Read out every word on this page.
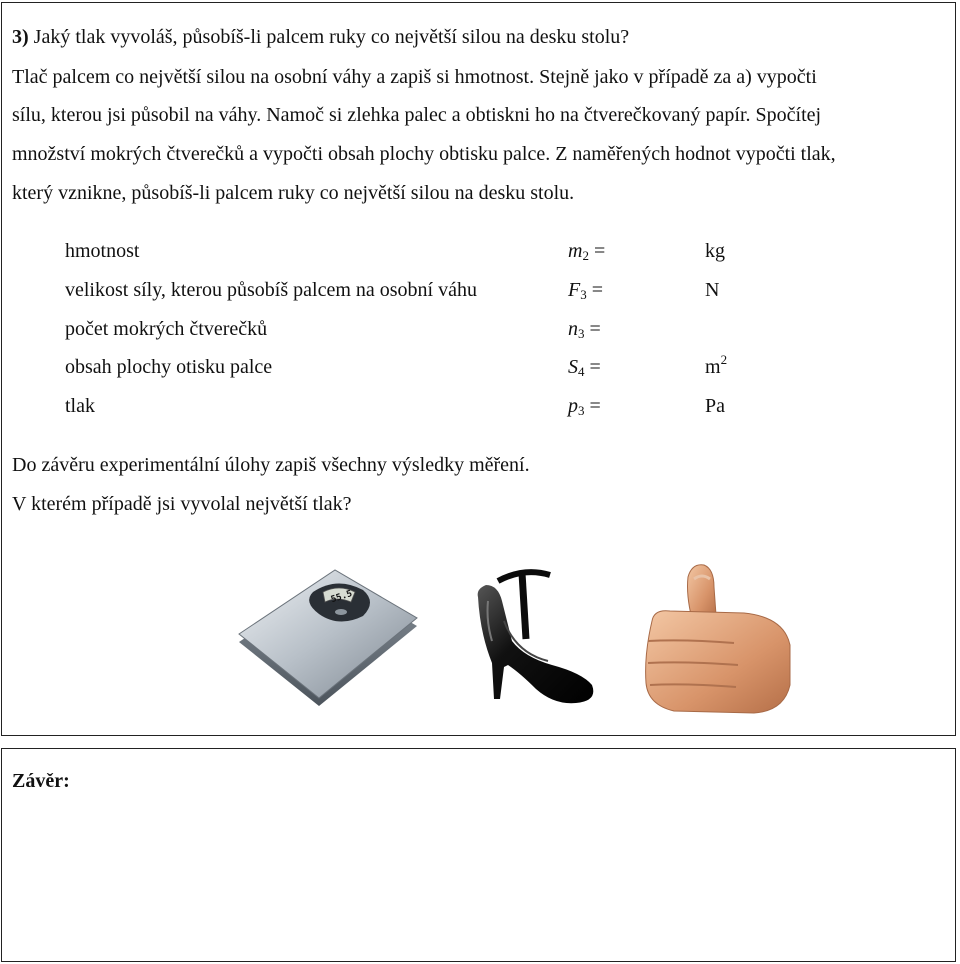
3) Jaký tlak vyvoláš, působíš-li palcem ruky co největší silou na desku stolu?
Tlač palcem co největší silou na osobní váhy a zapiš si hmotnost. Stejně jako v případě za a) vypočti
sílu, kterou jsi působil na váhy. Namoč si zlehka palec a obtiskni ho na čtverečkovaný papír. Spočítej
množství mokrých čtverečků a vypočti obsah plochy obtisku palce. Z naměřených hodnot vypočti tlak,
který vznikne, působíš-li palcem ruky co největší silou na desku stolu.
hmotnost	$m_2$ =	kg
velikost síly, kterou působíš palcem na osobní váhu	$F_3$ =	N
počet mokrých čtverečků	$n_3$ =
obsah plochy otisku palce	$S_4$ =	$m^2$
tlak	$p_3$ =	Pa
Do závěru experimentální úlohy zapiš všechny výsledky měření.
V kterém případě jsi vyvolal největší tlak?
55.5
Závěr:
